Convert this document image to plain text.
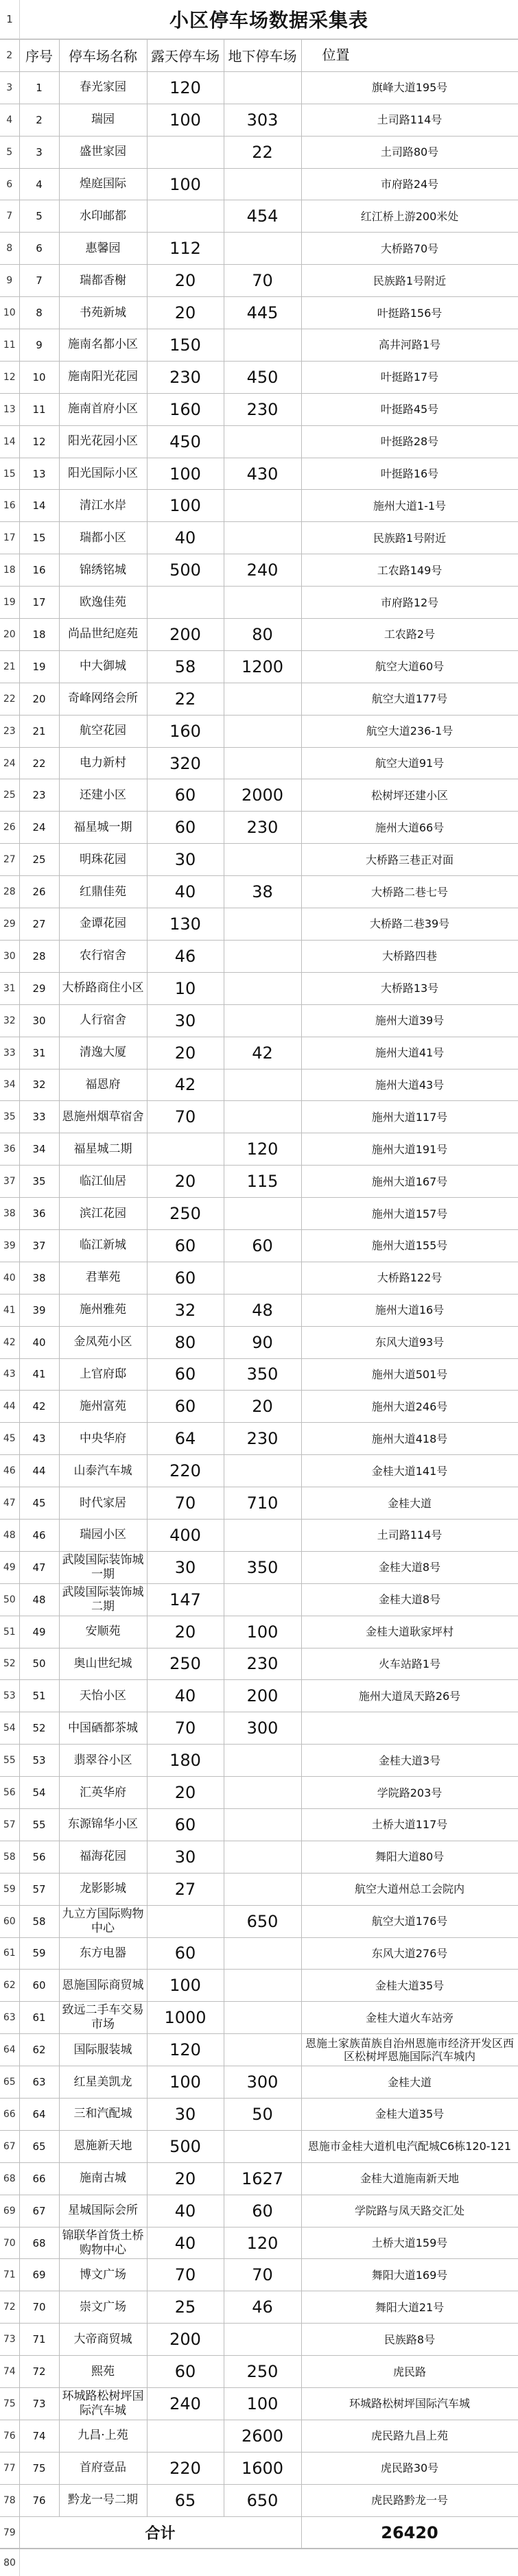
1	小区停车场数据采集表
2	序号	停车场名称	露天停车场	地下停车场	位置
3	1	春光家园	120		旗峰大道195号
4	2	瑞园	100	303	土司路114号
5	3	盛世家园		22	土司路80号
6	4	煌庭国际	100		市府路24号
7	5	水印邮都		454	红江桥上游200米处
8	6	惠馨园	112		大桥路70号
9	7	瑞都香榭	20	70	民族路1号附近
10	8	书苑新城	20	445	叶挺路156号
11	9	施南名都小区	150		高井河路1号
12	10	施南阳光花园	230	450	叶挺路17号
13	11	施南首府小区	160	230	叶挺路45号
14	12	阳光花园小区	450		叶挺路28号
15	13	阳光国际小区	100	430	叶挺路16号
16	14	清江水岸	100		施州大道1-1号
17	15	瑞都小区	40		民族路1号附近
18	16	锦绣铭城	500	240	工农路149号
19	17	欧逸佳苑			市府路12号
20	18	尚品世纪庭苑	200	80	工农路2号
21	19	中大御城	58	1200	航空大道60号
22	20	奇峰网络会所	22		航空大道177号
23	21	航空花园	160		航空大道236-1号
24	22	电力新村	320		航空大道91号
25	23	还建小区	60	2000	松树坪还建小区
26	24	福星城一期	60	230	施州大道66号
27	25	明珠花园	30		大桥路三巷正对面
28	26	红鼎佳苑	40	38	大桥路二巷七号
29	27	金谭花园	130		大桥路二巷39号
30	28	农行宿舍	46		大桥路四巷
31	29	大桥路商住小区	10		大桥路13号
32	30	人行宿舍	30		施州大道39号
33	31	清逸大厦	20	42	施州大道41号
34	32	福恩府	42		施州大道43号
35	33	恩施州烟草宿舍	70		施州大道117号
36	34	福星城二期		120	施州大道191号
37	35	临江仙居	20	115	施州大道167号
38	36	滨江花园	250		施州大道157号
39	37	临江新城	60	60	施州大道155号
40	38	君華苑	60		大桥路122号
41	39	施州雅苑	32	48	施州大道16号
42	40	金凤苑小区	80	90	东风大道93号
43	41	上官府邸	60	350	施州大道501号
44	42	施州富苑	60	20	施州大道246号
45	43	中央华府	64	230	施州大道418号
46	44	山泰汽车城	220		金桂大道141号
47	45	时代家居	70	710	金桂大道
48	46	瑞园小区	400		土司路114号
49	47	武陵国际装饰城一期	30	350	金桂大道8号
50	48	武陵国际装饰城二期	147		金桂大道8号
51	49	安顺苑	20	100	金桂大道耿家坪村
52	50	奥山世纪城	250	230	火车站路1号
53	51	天怡小区	40	200	施州大道凤天路26号
54	52	中国硒都茶城	70	300	
55	53	翡翠谷小区	180		金桂大道3号
56	54	汇英华府	20		学院路203号
57	55	东源锦华小区	60		土桥大道117号
58	56	福海花园	30		舞阳大道80号
59	57	龙影影城	27		航空大道州总工会院内
60	58	九立方国际购物中心		650	航空大道176号
61	59	东方电器	60		东风大道276号
62	60	恩施国际商贸城	100		金桂大道35号
63	61	致远二手车交易市场	1000		金桂大道火车站旁
64	62	国际服装城	120		恩施土家族苗族自治州恩施市经济开发区西区松树坪恩施国际汽车城内
65	63	红星美凯龙	100	300	金桂大道
66	64	三和汽配城	30	50	金桂大道35号
67	65	恩施新天地	500		恩施市金桂大道机电汽配城C6栋120-121
68	66	施南古城	20	1627	金桂大道施南新天地
69	67	星城国际会所	40	60	学院路与凤天路交汇处
70	68	锦联华首货土桥购物中心	40	120	土桥大道159号
71	69	博文广场	70	70	舞阳大道169号
72	70	崇文广场	25	46	舞阳大道21号
73	71	大帝商贸城	200		民族路8号
74	72	熙苑	60	250	虎民路
75	73	环城路松树坪国际汽车城	240	100	环城路松树坪国际汽车城
76	74	九昌·上苑		2600	虎民路九昌上苑
77	75	首府壹品	220	1600	虎民路30号
78	76	黔龙一号二期	65	650	虎民路黔龙一号
79	合计				26420
80
